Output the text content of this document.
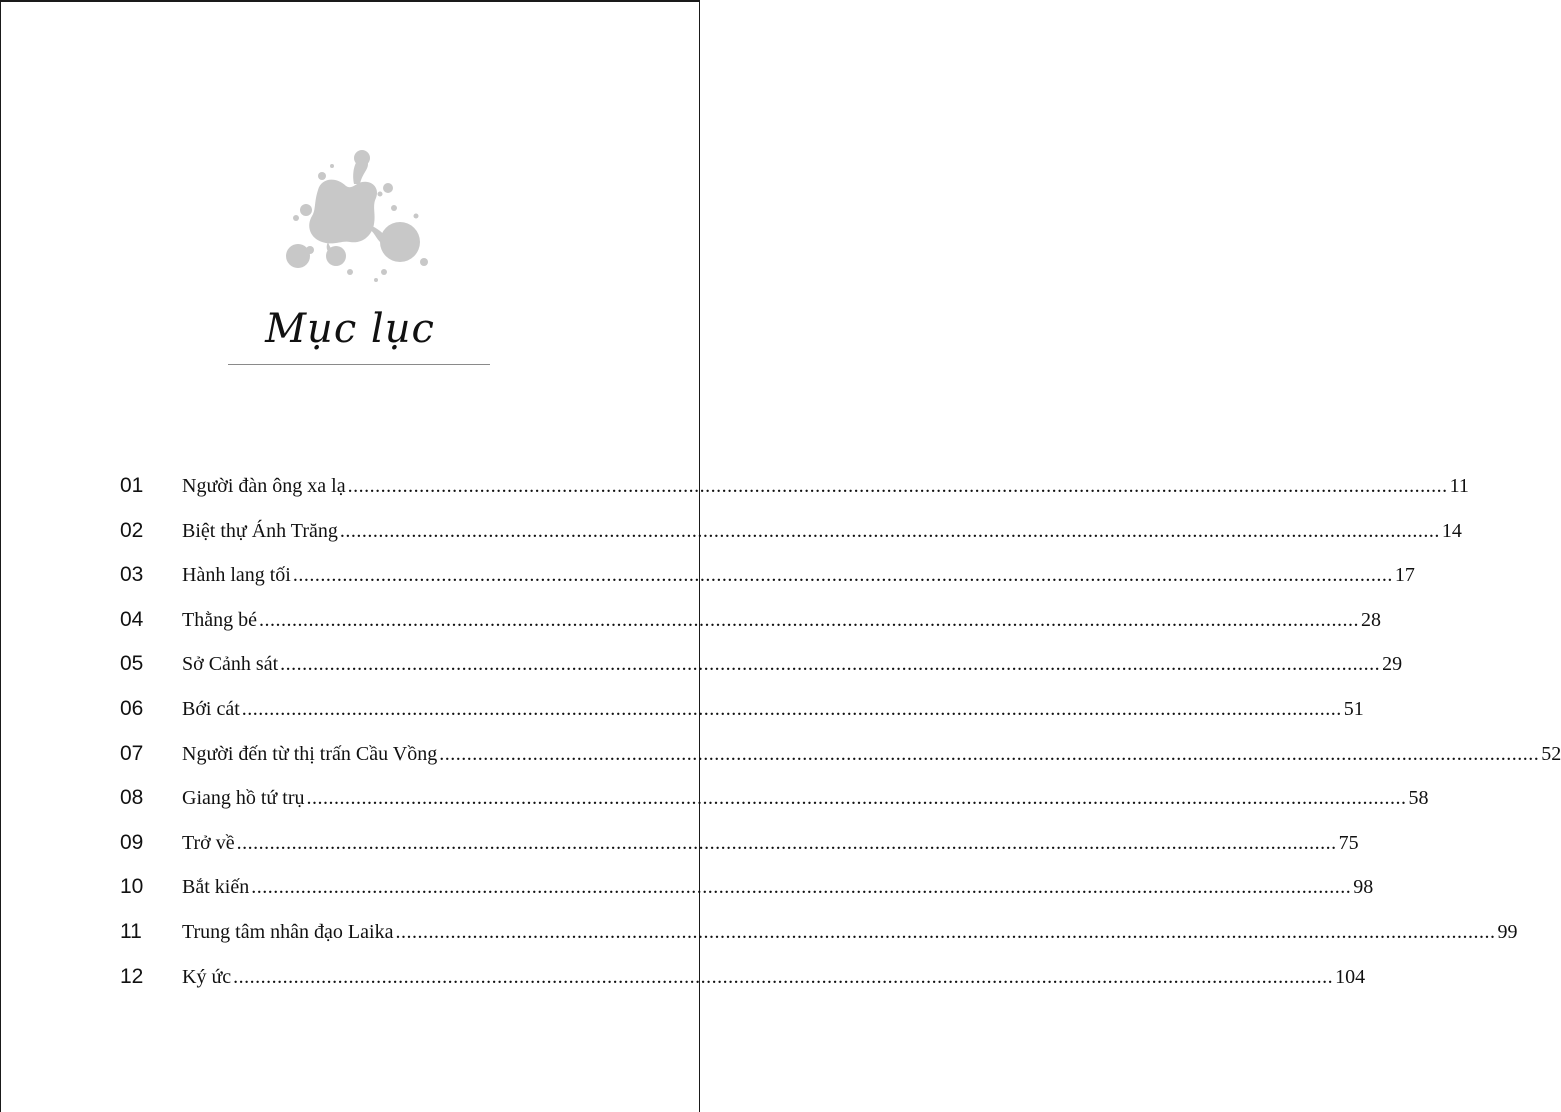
Mục lục
01	Người đàn ông xa lạ ........................................................................................................................................................................................................ 11
02	Biệt thự Ánh Trăng ........................................................................................................................................................................................................ 14
03	Hành lang tối ........................................................................................................................................................................................................ 17
04	Thằng bé ........................................................................................................................................................................................................ 28
05	Sở Cảnh sát ........................................................................................................................................................................................................ 29
06	Bới cát ........................................................................................................................................................................................................ 51
07	Người đến từ thị trấn Cầu Vồng ........................................................................................................................................................................................................ 52
08	Giang hồ tứ trụ ........................................................................................................................................................................................................ 58
09	Trở về ........................................................................................................................................................................................................ 75
10	Bắt kiến ........................................................................................................................................................................................................ 98
11	Trung tâm nhân đạo Laika ........................................................................................................................................................................................................ 99
12	Ký ức ........................................................................................................................................................................................................ 104
